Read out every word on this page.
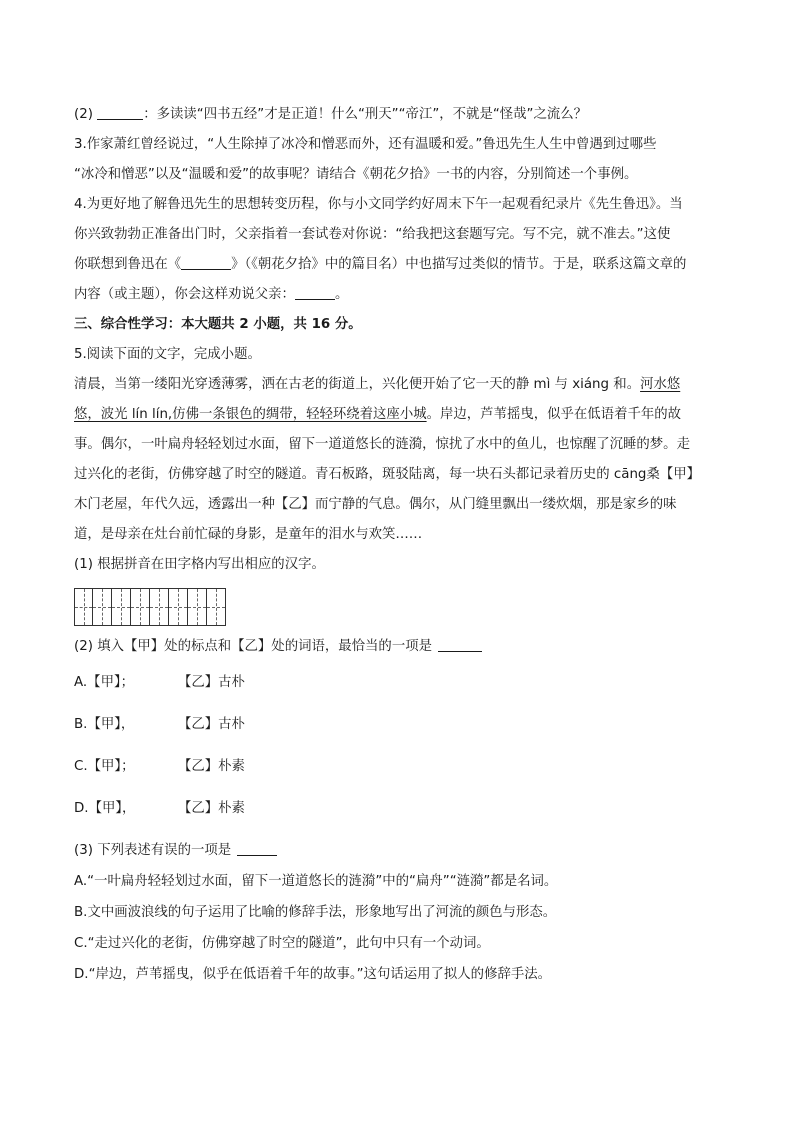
(2)	：多读读“四书五经”才是正道！什么“刑天”“帝江”，不就是“怪哉”之流么？
3.作家萧红曾经说过，“人生除掉了冰冷和憎恶而外，还有温暖和爱。”鲁迅先生人生中曾遇到过哪些
“冰冷和憎恶”以及“温暖和爱”的故事呢？请结合《朝花夕拾》一书的内容，分别简述一个事例。
4.为更好地了解鲁迅先生的思想转变历程，你与小文同学约好周末下午一起观看纪录片《先生鲁迅》。当
你兴致勃勃正准备出门时，父亲指着一套试卷对你说：“给我把这套题写完。写不完，就不准去。”这使
你联想到鲁迅在《	》（《朝花夕拾》中的篇目名）中也描写过类似的情节。于是，联系这篇文章的
内容（或主题），你会这样劝说父亲：	。
三、综合性学习：本大题共 2 小题，共 16 分。
5.阅读下面的文字，完成小题。
清晨，当第一缕阳光穿透薄雾，洒在古老的街道上，兴化便开始了它一天的静 mì 与 xiáng 和。河水悠
悠，波光 lín lín,仿佛一条银色的绸带，轻轻环绕着这座小城。岸边，芦苇摇曳，似乎在低语着千年的故
事。偶尔，一叶扁舟轻轻划过水面，留下一道道悠长的涟漪，惊扰了水中的鱼儿，也惊醒了沉睡的梦。走
过兴化的老街，仿佛穿越了时空的隧道。青石板路，斑驳陆离，每一块石头都记录着历史的 cāng桑【甲】
木门老屋，年代久远，透露出一种【乙】而宁静的气息。偶尔，从门缝里飘出一缕炊烟，那是家乡的味
道，是母亲在灶台前忙碌的身影，是童年的泪水与欢笑……
(1) 根据拼音在田字格内写出相应的汉字。
(2) 填入【甲】处的标点和【乙】处的词语，最恰当的一项是
A.【甲】；	【乙】古朴
B.【甲】，	【乙】古朴
C.【甲】；	【乙】朴素
D.【甲】，	【乙】朴素
(3) 下列表述有误的一项是
A.“一叶扁舟轻轻划过水面，留下一道道悠长的涟漪”中的“扁舟”“涟漪”都是名词。
B.文中画波浪线的句子运用了比喻的修辞手法，形象地写出了河流的颜色与形态。
C.“走过兴化的老街，仿佛穿越了时空的隧道”，此句中只有一个动词。
D.“岸边，芦苇摇曳，似乎在低语着千年的故事。”这句话运用了拟人的修辞手法。
